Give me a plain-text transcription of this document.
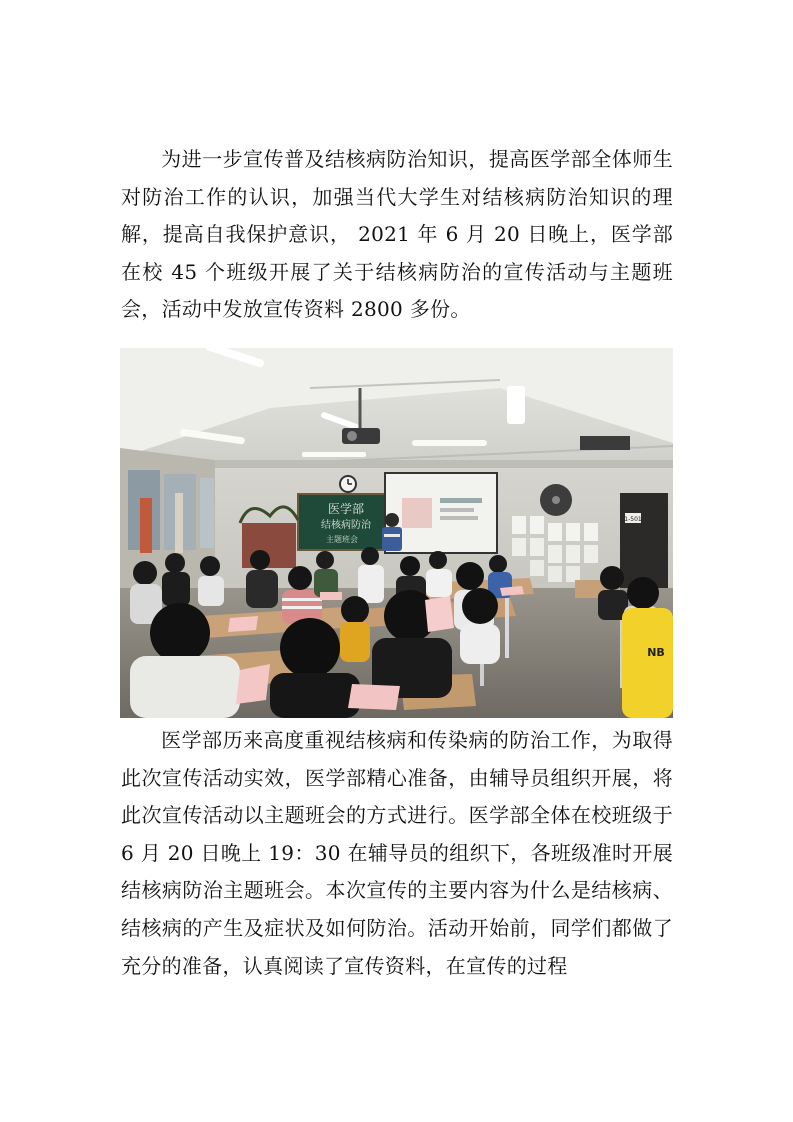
为进一步宣传普及结核病防治知识，提高医学部全体师生对防治工作的认识，加强当代大学生对结核病防治知识的理解，提高自我保护意识， 2021 年 6 月 20 日晚上，医学部在校 45 个班级开展了关于结核病防治的宣传活动与主题班会，活动中发放宣传资料 2800 多份。

医学部
结核病防治
主题班会
1-501
NB

医学部历来高度重视结核病和传染病的防治工作，为取得此次宣传活动实效，医学部精心准备，由辅导员组织开展，将此次宣传活动以主题班会的方式进行。医学部全体在校班级于 6 月 20 日晚上 19：30 在辅导员的组织下，各班级准时开展结核病防治主题班会。本次宣传的主要内容为什么是结核病、结核病的产生及症状及如何防治。活动开始前，同学们都做了充分的准备，认真阅读了宣传资料，在宣传的过程
